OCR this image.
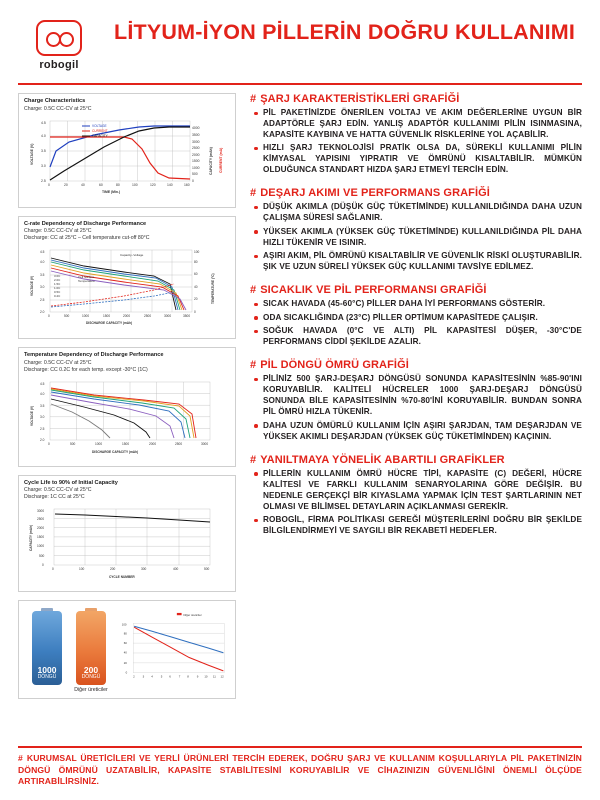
robogil
LİTYUM-İYON PİLLERİN DOĞRU KULLANIMI
Charge Characteristics
Charge: 0.5C CC-CV at 25°C
2.5
3.0
3.5
4.0
4.5
0
500
1000
1500
2000
2500
3000
3500
4000
0	20	40	60	80	100	120	140	160
TIME (Min.)
VOLTAGE (V)	CAPACITY (mAh) CURRENT (mA)
VOLTAGE
CURRENT
CAPACITY
C-rate Dependency of Discharge Performance
Charge: 0.5C CC-CV at 25°C
Discharge: CC at 25°C – Cell temperature cut-off 80°C
2.0
2.5
3.0
3.5
4.0
4.5
0
20
40
60
80
100
0	500	1000	1500	2000	2500	3000	3500
DISCHARGE CAPACITY (mAh)
VOLTAGE (V)	TEMPERATURE (°C)
Capacity–Voltage
Cell Surface
Temperature
3.0C
2.0C
1.5C
1.0C
0.5C
0.2C
Temperature Dependency of Discharge Performance
Charge: 0.5C CC-CV at 25°C
Discharge: CC 0.2C for each temp. except -30°C (1C)
2.0
2.5
3.0
3.5
4.0
4.5
0	500	1000	1500	2000	2500	3000
DISCHARGE CAPACITY (mAh)
VOLTAGE (V)
Cycle Life to 90% of Initial Capacity
Charge: 0.5C CC-CV at 25°C
Discharge: 1C CC at 25°C
0
500
1000
1500
2000
2500
3000
0	100	200	300	400	500
CYCLE NUMBER
CAPACITY (mAh)
1000
DÖNGÜ
200
DÖNGÜ
Diğer üreticiler
0
20
40
60
80
100
2	3 4	5 6	7 8	9 10 11 12
Diğer üreticiler
# ŞARJ KARAKTERİSTİKLERİ GRAFİĞİ
PİL PAKETİNİZDE ÖNERİLEN VOLTAJ VE AKIM DEĞERLERİNE UYGUN BİR ADAPTÖRLE ŞARJ EDİN. YANLIŞ ADAPTÖR KULLANIMI PİLİN ISINMASINA, KAPASİTE KAYBINA VE HATTA GÜVENLİK RİSKLERİNE YOL AÇABİLİR.
HIZLI ŞARJ TEKNOLOJİSİ PRATİK OLSA DA, SÜREKLİ KULLANIMI PİLİN KİMYASAL YAPISINI YIPRATIR VE ÖMRÜNÜ KISALTABİLİR. MÜMKÜN OLDUĞUNCA STANDART HIZDA ŞARJ ETMEYİ TERCİH EDİN.
# DEŞARJ AKIMI VE PERFORMANS GRAFİĞİ
DÜŞÜK AKIMLA (DÜŞÜK GÜÇ TÜKETİMİNDE) KULLANILDIĞINDA DAHA UZUN ÇALIŞMA SÜRESİ SAĞLANIR.
YÜKSEK AKIMLA (YÜKSEK GÜÇ TÜKETİMİNDE) KULLANILDIĞINDA PİL DAHA HIZLI TÜKENİR VE ISINIR.
AŞIRI AKIM, PİL ÖMRÜNÜ KISALTABİLİR VE GÜVENLİK RİSKİ OLUŞTURABİLİR. ŞIK VE UZUN SÜRELİ YÜKSEK GÜÇ KULLANIMI TAVSİYE EDİLMEZ.
# SICAKLIK VE PİL PERFORMANSI GRAFİĞİ
SICAK HAVADA (45-60°C) PİLLER DAHA İYİ PERFORMANS GÖSTERİR.
ODA SICAKLIĞINDA (23°C) PİLLER OPTİMUM KAPASİTEDE ÇALIŞIR.
SOĞUK HAVADA (0°C VE ALTI) PİL KAPASİTESİ DÜŞER, -30°C'DE PERFORMANS CİDDİ ŞEKİLDE AZALIR.
# PİL DÖNGÜ ÖMRÜ GRAFİĞİ
PİLİNİZ 500 ŞARJ-DEŞARJ DÖNGÜSÜ SONUNDA KAPASİTESİNİN %85-90'INI KORUYABİLİR. KALİTELİ HÜCRELER 1000 ŞARJ-DEŞARJ DÖNGÜSÜ SONUNDA BİLE KAPASİTESİNİN %70-80'İNİ KORUYABİLİR. BUNDAN SONRA PİL ÖMRÜ HIZLA TÜKENİR.
DAHA UZUN ÖMÜRLÜ KULLANIM İÇİN AŞIRI ŞARJDAN, TAM DEŞARJDAN VE YÜKSEK AKIMLI DEŞARJDAN (YÜKSEK GÜÇ TÜKETİMİNDEN) KAÇININ.
# YANILTMAYA YÖNELİK ABARTILI GRAFİKLER
PİLLERİN KULLANIM ÖMRÜ HÜCRE TİPİ, KAPASİTE (C) DEĞERİ, HÜCRE KALİTESİ VE FARKLI KULLANIM SENARYOLARINA GÖRE DEĞİŞİR. BU NEDENLE GERÇEKÇİ BİR KIYASLAMA YAPMAK İÇİN TEST ŞARTLARININ NET OLMASI VE BİLİMSEL DETAYLARIN AÇIKLANMASI GEREKİR.
ROBOGİL, FİRMA POLİTİKASI GEREĞİ MÜŞTERİLERİNİ DOĞRU BİR ŞEKİLDE BİLGİLENDİRMEYİ VE SAYGILI BİR REKABETİ HEDEFLER.
# KURUMSAL ÜRETİCİLERİ VE YERLİ ÜRÜNLERİ TERCİH EDEREK, DOĞRU ŞARJ VE KULLANIM KOŞULLARIYLA PİL PAKETİNİZİN DÖNGÜ ÖMRÜNÜ UZATABİLİR, KAPASİTE STABİLİTESİNİ KORUYABİLİR VE CİHAZINIZIN GÜVENLİĞİNİ ÖNEMLİ ÖLÇÜDE ARTIRABİLİRSİNİZ.
